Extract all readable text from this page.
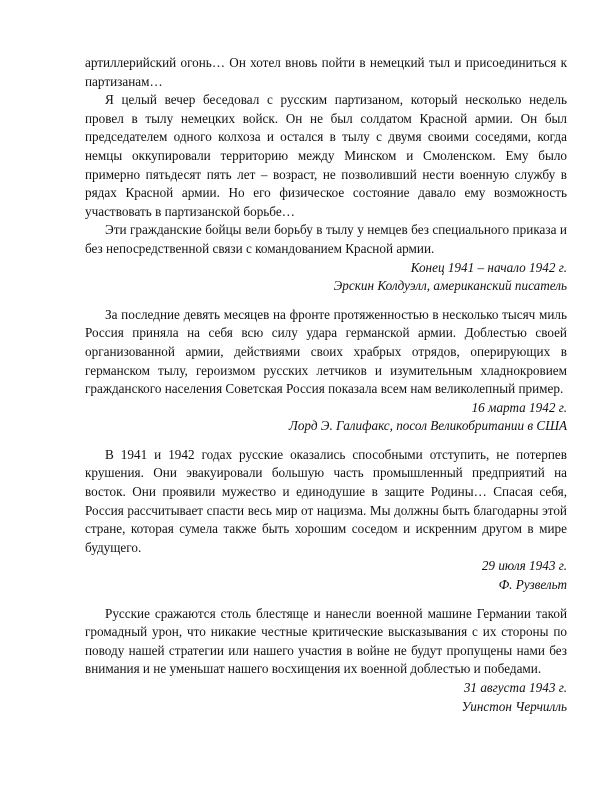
артиллерийский огонь… Он хотел вновь пойти в немецкий тыл и присоединиться к партизанам…

Я целый вечер беседовал с русским партизаном, который несколько недель провел в тылу немецких войск. Он не был солдатом Красной армии. Он был председателем одного колхоза и остался в тылу с двумя своими соседями, когда немцы оккупировали территорию между Минском и Смоленском. Ему было примерно пятьдесят пять лет – возраст, не позволивший нести военную службу в рядах Красной армии. Но его физическое состояние давало ему возможность участвовать в партизанской борьбе…

Эти гражданские бойцы вели борьбу в тылу у немцев без специального приказа и без непосредственной связи с командованием Красной армии.

Конец 1941 – начало 1942 г.

Эрскин Колдуэлл, американский писатель

За последние девять месяцев на фронте протяженностью в несколько тысяч миль Россия приняла на себя всю силу удара германской армии. Доблестью своей организованной армии, действиями своих храбрых отрядов, оперирующих в германском тылу, героизмом русских летчиков и изумительным хладнокровием гражданского населения Советская Россия показала всем нам великолепный пример.

16 марта 1942 г.

Лорд Э. Галифакс, посол Великобритании в США

В 1941 и 1942 годах русские оказались способными отступить, не потерпев крушения. Они эвакуировали большую часть промышленный предприятий на восток. Они проявили мужество и единодушие в защите Родины… Спасая себя, Россия рассчитывает спасти весь мир от нацизма. Мы должны быть благодарны этой стране, которая сумела также быть хорошим соседом и искренним другом в мире будущего.

29 июля 1943 г.

Ф. Рузвельт

Русские сражаются столь блестяще и нанесли военной машине Германии такой громадный урон, что никакие честные критические высказывания с их стороны по поводу нашей стратегии или нашего участия в войне не будут пропущены нами без внимания и не уменьшат нашего восхищения их военной доблестью и победами.

31 августа 1943 г.

Уинстон Черчилль
